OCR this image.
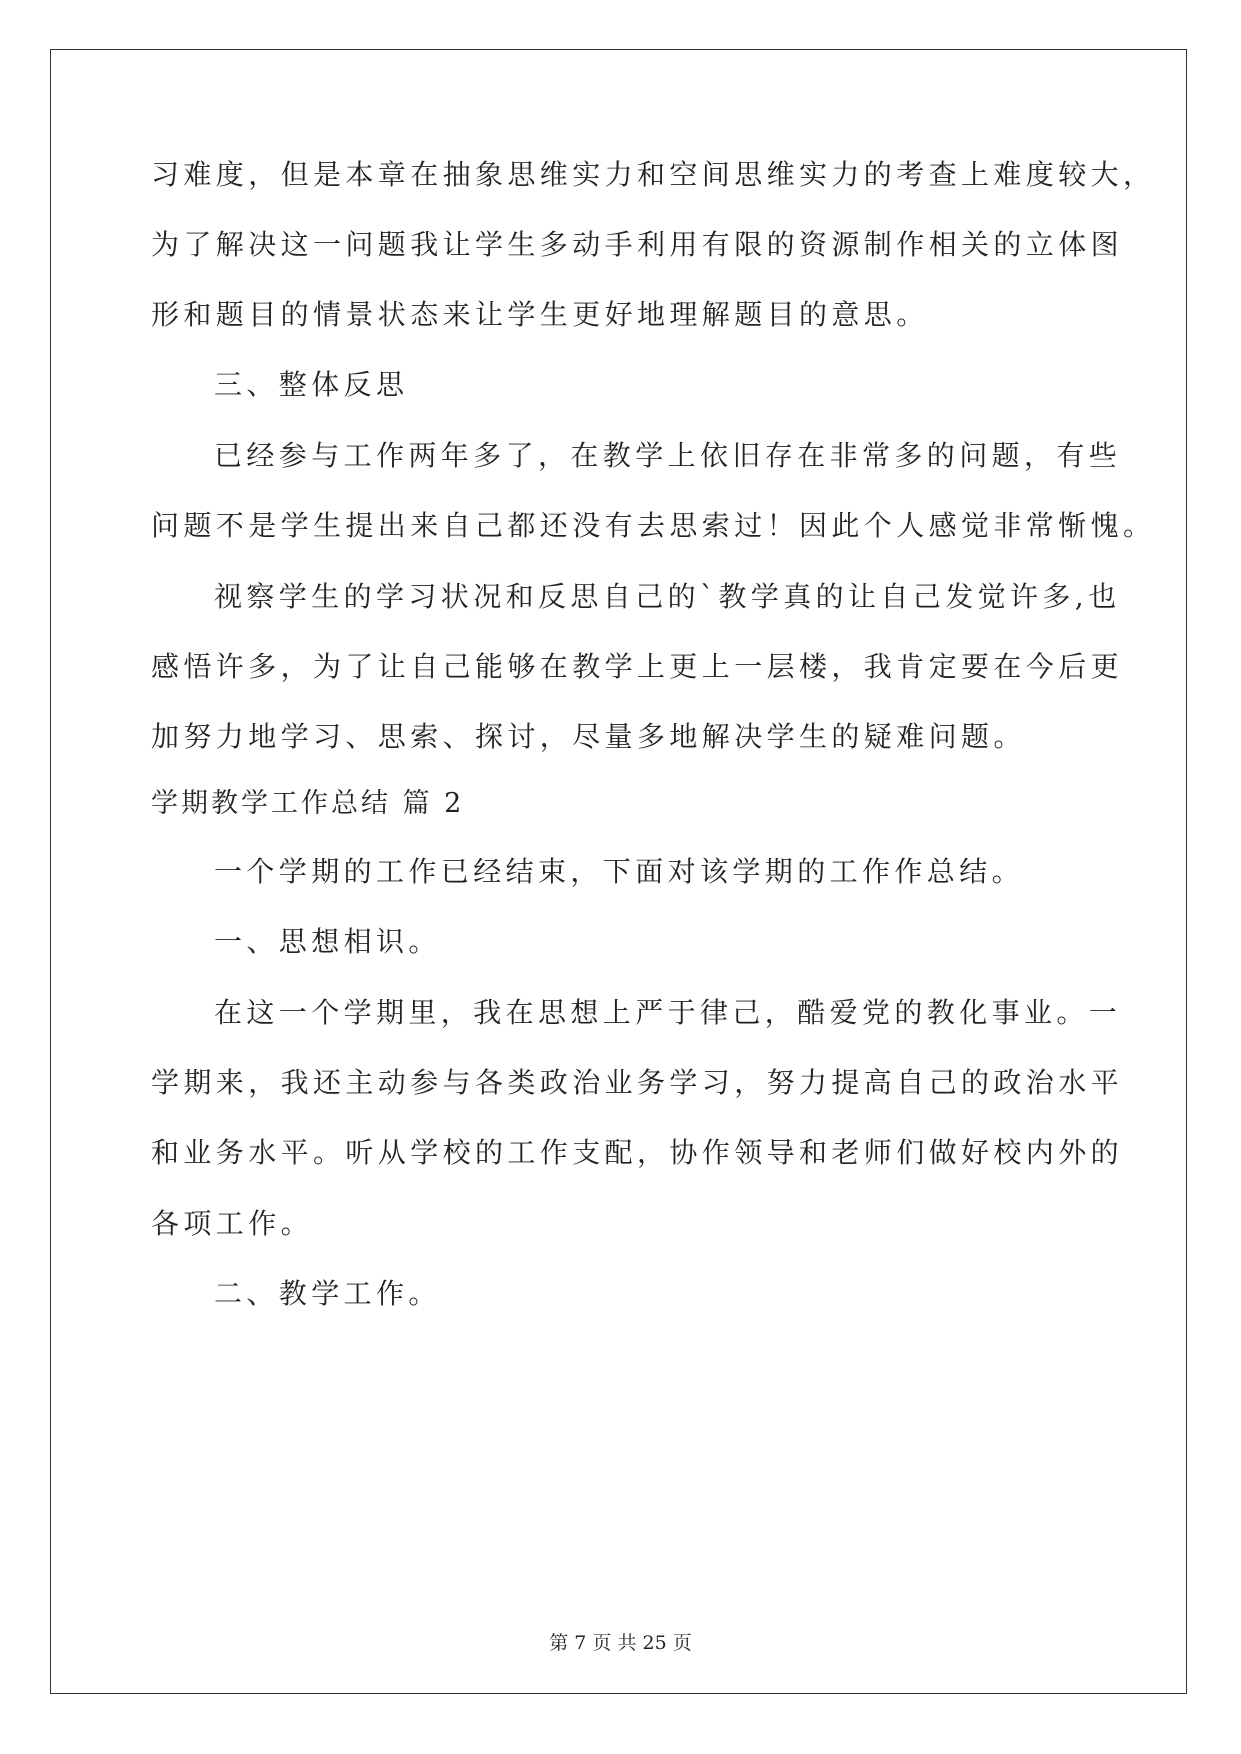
习难度，但是本章在抽象思维实力和空间思维实力的考查上难度较大，
为了解决这一问题我让学生多动手利用有限的资源制作相关的立体图
形和题目的情景状态来让学生更好地理解题目的意思。
三、整体反思
已经参与工作两年多了，在教学上依旧存在非常多的问题，有些
问题不是学生提出来自己都还没有去思索过！因此个人感觉非常惭愧。
视察学生的学习状况和反思自己的`教学真的让自己发觉许多,也
感悟许多，为了让自己能够在教学上更上一层楼，我肯定要在今后更
加努力地学习、思索、探讨，尽量多地解决学生的疑难问题。
学期教学工作总结 篇 2
一个学期的工作已经结束，下面对该学期的工作作总结。
一、思想相识。
在这一个学期里，我在思想上严于律己，酷爱党的教化事业。一
学期来，我还主动参与各类政治业务学习，努力提高自己的政治水平
和业务水平。听从学校的工作支配，协作领导和老师们做好校内外的
各项工作。
二、教学工作。
第 7 页 共 25 页
